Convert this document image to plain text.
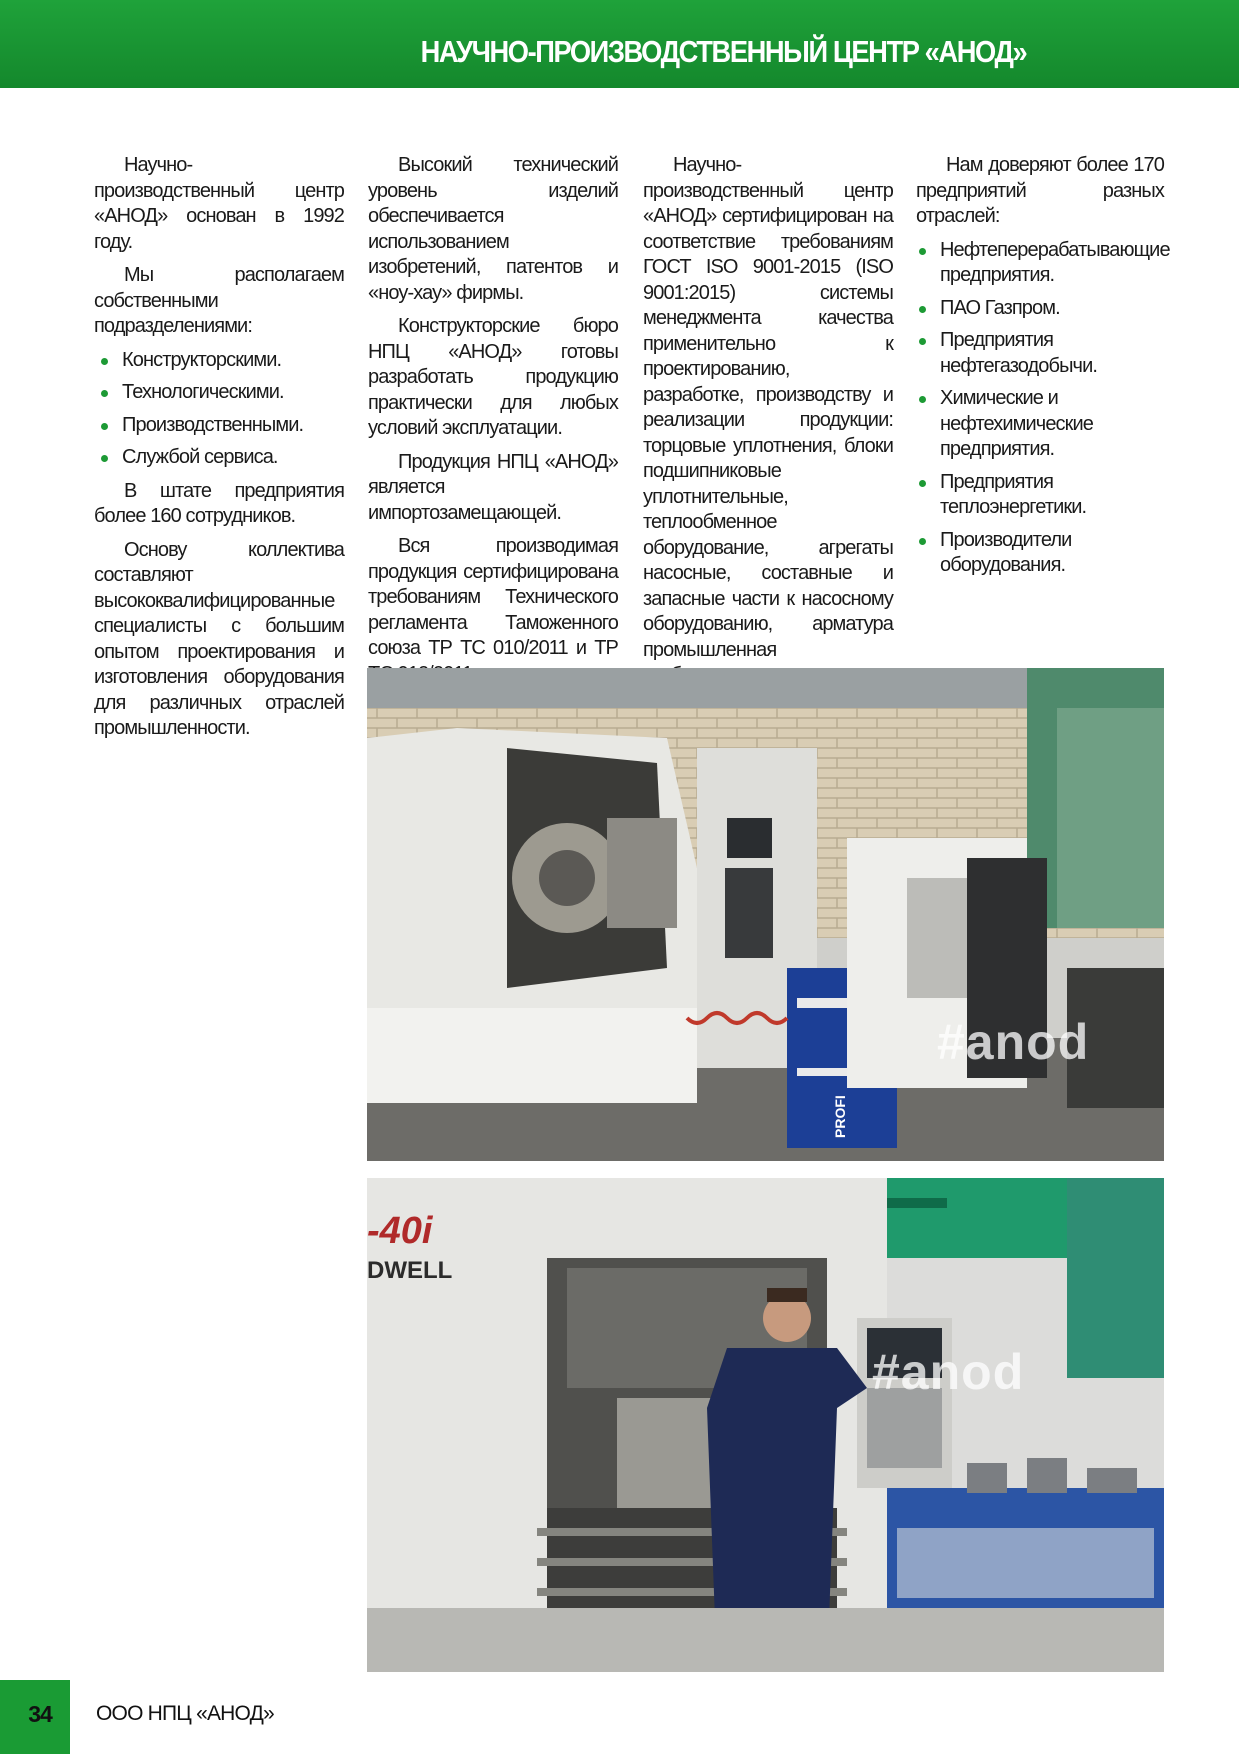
НАУЧНО-ПРОИЗВОДСТВЕННЫЙ ЦЕНТР «АНОД»

Научно-производственный центр «АНОД» основан в 1992 году.

Мы располагаем собственными подразделениями:

Конструкторскими.
Технологическими.
Производственными.
Службой сервиса.

В штате предприятия более 160 сотрудников.

Основу коллектива составляют высококвалифицированные специалисты с большим опытом проектирования и изготовления оборудования для различных отраслей промышленности.

Высокий технический уровень изделий обеспечивается использованием изобретений, патентов и «ноу-хау» фирмы.

Конструкторские бюро НПЦ «АНОД» готовы разработать продукцию практически для любых условий эксплуатации.

Продукция НПЦ «АНОД» является импортозамещающей.

Вся производимая продукция сертифицирована требованиям Технического регламента Таможенного союза ТР ТС 010/2011 и ТР

Научно-производственный центр «АНОД» сертифицирован на соответствие требованиям ГОСТ ISO 9001-2015 (ISO 9001:2015) системы менеджмента качества применительно к проектированию, разработке, производству и реализации продукции: торцовые уплотнения, блоки подшипниковые уплотнительные, теплообменное оборудование, агрегаты насосные, составные и запасные части к насосному оборудованию, арматура промышленная

Нам доверяют более 170 предприятий разных отраслей:

Нефтеперерабатывающие предприятия.
ПАО Газпром.
Предприятия нефтегазодобычи.
Химические и нефтехимические предприятия.
Предприятия теплоэнергетики.
Производители оборудования.
PROFI
#anod
-40i
DWELL
#anod
34	ООО НПЦ «АНОД»
